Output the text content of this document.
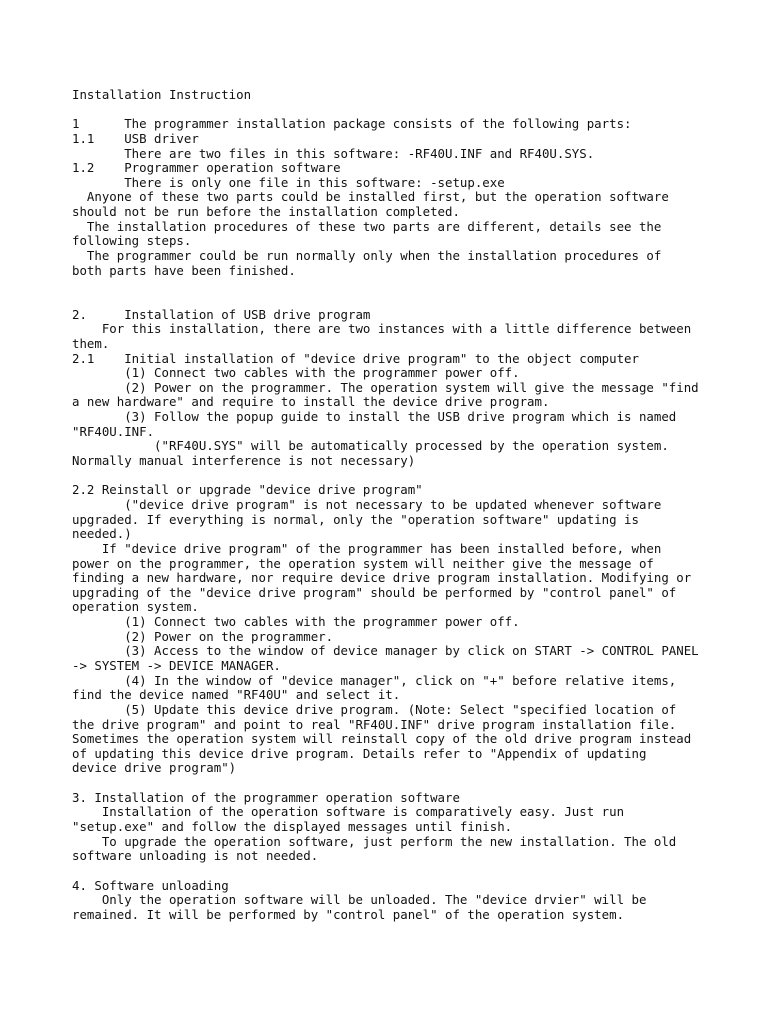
Installation Instruction
1      The programmer installation package consists of the following parts:
1.1    USB driver
There are two files in this software: -RF40U.INF and RF40U.SYS.
1.2    Programmer operation software
There is only one file in this software: -setup.exe
Anyone of these two parts could be installed first, but the operation software
should not be run before the installation completed.
The installation procedures of these two parts are different, details see the
following steps.
The programmer could be run normally only when the installation procedures of
both parts have been finished.
2.     Installation of USB drive program
For this installation, there are two instances with a little difference between
them.
2.1    Initial installation of "device drive program" to the object computer
(1) Connect two cables with the programmer power off.
(2) Power on the programmer. The operation system will give the message "find
a new hardware" and require to install the device drive program.
(3) Follow the popup guide to install the USB drive program which is named
"RF40U.INF.
("RF40U.SYS" will be automatically processed by the operation system.
Normally manual interference is not necessary)
2.2 Reinstall or upgrade "device drive program"
("device drive program" is not necessary to be updated whenever software
upgraded. If everything is normal, only the "operation software" updating is
needed.)
If "device drive program" of the programmer has been installed before, when
power on the programmer, the operation system will neither give the message of
finding a new hardware, nor require device drive program installation. Modifying or
upgrading of the "device drive program" should be performed by "control panel" of
operation system.
(1) Connect two cables with the programmer power off.
(2) Power on the programmer.
(3) Access to the window of device manager by click on START -> CONTROL PANEL
-> SYSTEM -> DEVICE MANAGER.
(4) In the window of "device manager", click on "+" before relative items,
find the device named "RF40U" and select it.
(5) Update this device drive program. (Note: Select "specified location of
the drive program" and point to real "RF40U.INF" drive program installation file.
Sometimes the operation system will reinstall copy of the old drive program instead
of updating this device drive program. Details refer to "Appendix of updating
device drive program")
3. Installation of the programmer operation software
Installation of the operation software is comparatively easy. Just run
"setup.exe" and follow the displayed messages until finish.
To upgrade the operation software, just perform the new installation. The old
software unloading is not needed.
4. Software unloading
Only the operation software will be unloaded. The "device drvier" will be
remained. It will be performed by "control panel" of the operation system.
